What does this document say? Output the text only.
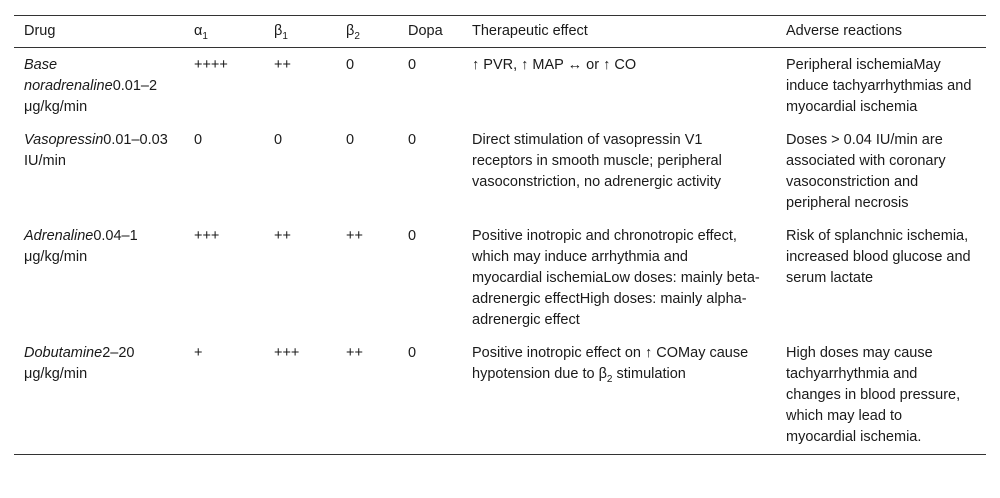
Drug	$\alpha_1$	$\beta_1$	$\beta_2$	Dopa	Therapeutic effect	Adverse reactions
Base noradrenaline0.01–2 μg/kg/min	++++	++	0	0	↑ PVR, ↑ MAP ↔ or ↑ CO	Peripheral ischemiaMay induce tachyarrhythmias and myocardial ischemia
Vasopressin0.01–0.03 IU/min	0	0	0	0	Direct stimulation of vasopressin V1 receptors in smooth muscle; peripheral vasoconstriction, no adrenergic activity	Doses > 0.04 IU/min are associated with coronary vasoconstriction and peripheral necrosis
Adrenaline0.04–1 μg/kg/min	+++	++	++	0	Positive inotropic and chronotropic effect, which may induce arrhythmia and myocardial ischemiaLow doses: mainly beta-adrenergic effectHigh doses: mainly alpha-adrenergic effect	Risk of splanchnic ischemia, increased blood glucose and serum lactate
Dobutamine2–20 μg/kg/min	+	+++	++	0	Positive inotropic effect on ↑ COMay cause hypotension due to $\beta_2$ stimulation	High doses may cause tachyarrhythmia and changes in blood pressure, which may lead to myocardial ischemia.
